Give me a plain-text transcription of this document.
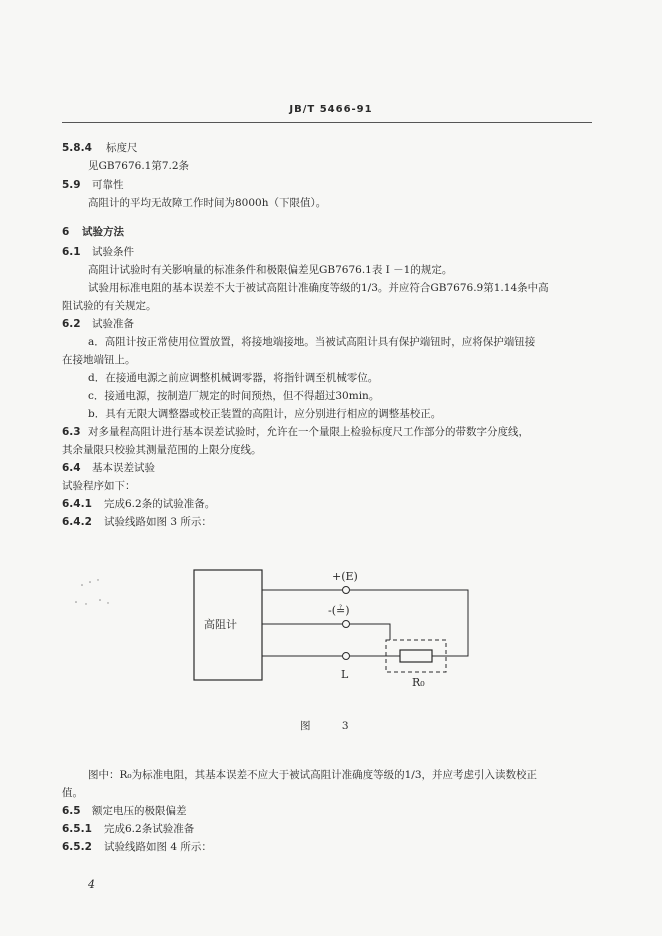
JB/T 5466-91
5.8.4 标度尺
见GB7676.1第7.2条
5.9 可靠性
高阻计的平均无故障工作时间为8000h（下限值）。
6 试验方法
6.1 试验条件
高阻计试验时有关影响量的标准条件和极限偏差见GB7676.1表 I －1的规定。
试验用标准电阻的基本误差不大于被试高阻计准确度等级的1/3。并应符合GB7676.9第1.14条中高
阻试验的有关规定。
6.2 试验准备
a．高阻计按正常使用位置放置，将接地端接地。当被试高阻计具有保护端钮时，应将保护端钮接
在接地端钮上。
d．在接通电源之前应调整机械调零器，将指针调至机械零位。
c．接通电源，按制造厂规定的时间预热，但不得超过30min。
b．具有无限大调整器或校正装置的高阻计，应分别进行相应的调整基校正。
6.3 对多量程高阻计进行基本误差试验时，允许在一个量限上检验标度尺工作部分的带数字分度线，
其余量限只校验其测量范围的上限分度线。
6.4 基本误差试验
试验程序如下：
6.4.1 完成6.2条的试验准备。
6.4.2 试验线路如图 3 所示：
高阻计
+(E)
-(≟)
L
R₀
图 3
图中：R₀为标准电阻，其基本误差不应大于被试高阻计准确度等级的1/3，并应考虑引入读数校正
值。
6.5 额定电压的极限偏差
6.5.1 完成6.2条试验准备
6.5.2 试验线路如图 4 所示：
4
